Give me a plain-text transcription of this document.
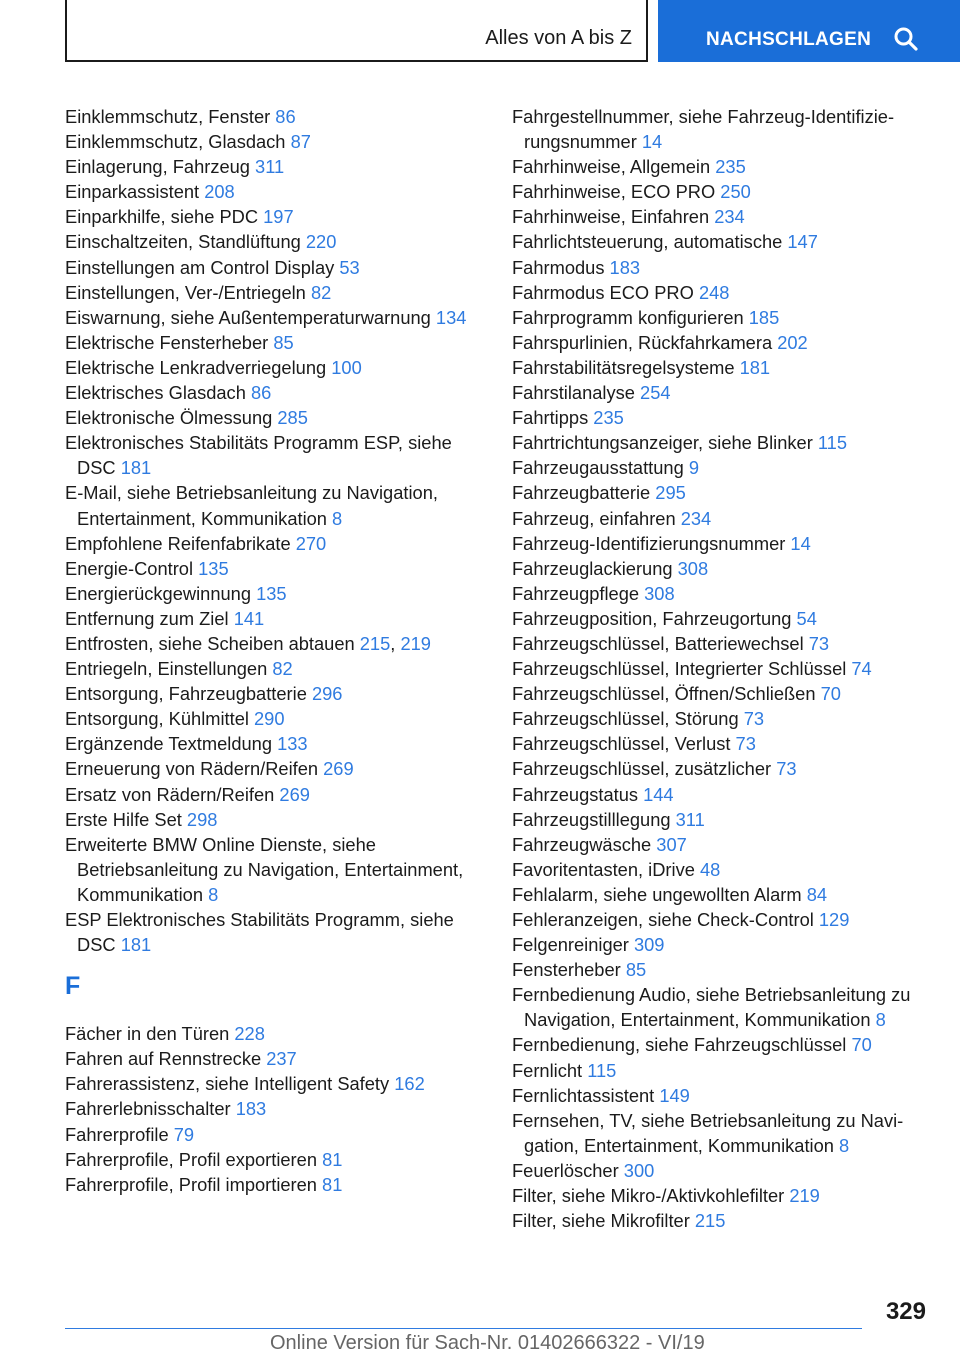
Alles von A bis Z	NACHSCHLAGEN
Einklemmschutz, Fenster 86
Einklemmschutz, Glasdach 87
Einlagerung, Fahrzeug 311
Einparkassistent 208
Einparkhilfe, siehe PDC 197
Einschaltzeiten, Standlüftung 220
Einstellungen am Control Display 53
Einstellungen, Ver-/Entriegeln 82
Eiswarnung, siehe Außentemperaturwarnung 134
Elektrische Fensterheber 85
Elektrische Lenkradverriegelung 100
Elektrisches Glasdach 86
Elektronische Ölmessung 285
Elektronisches Stabilitäts Programm ESP, siehe DSC 181
E-Mail, siehe Betriebsanleitung zu Navigation, Entertainment, Kommunikation 8
Empfohlene Reifenfabrikate 270
Energie-Control 135
Energierückgewinnung 135
Entfernung zum Ziel 141
Entfrosten, siehe Scheiben abtauen 215, 219
Entriegeln, Einstellungen 82
Entsorgung, Fahrzeugbatterie 296
Entsorgung, Kühlmittel 290
Ergänzende Textmeldung 133
Erneuerung von Rädern/Reifen 269
Ersatz von Rädern/Reifen 269
Erste Hilfe Set 298
Erweiterte BMW Online Dienste, siehe Betriebsanleitung zu Navigation, Entertainment, Kommunikation 8
ESP Elektronisches Stabilitäts Programm, siehe DSC 181
F
Fächer in den Türen 228
Fahren auf Rennstrecke 237
Fahrerassistenz, siehe Intelligent Safety 162
Fahrerlebnisschalter 183
Fahrerprofile 79
Fahrerprofile, Profil exportieren 81
Fahrerprofile, Profil importieren 81
Fahrgestellnummer, siehe Fahrzeug-Identifizierungsnummer 14
Fahrhinweise, Allgemein 235
Fahrhinweise, ECO PRO 250
Fahrhinweise, Einfahren 234
Fahrlichtsteuerung, automatische 147
Fahrmodus 183
Fahrmodus ECO PRO 248
Fahrprogramm konfigurieren 185
Fahrspurlinien, Rückfahrkamera 202
Fahrstabilitätsregelsysteme 181
Fahrstilanalyse 254
Fahrtipps 235
Fahrtrichtungsanzeiger, siehe Blinker 115
Fahrzeugausstattung 9
Fahrzeugbatterie 295
Fahrzeug, einfahren 234
Fahrzeug-Identifizierungsnummer 14
Fahrzeuglackierung 308
Fahrzeugpflege 308
Fahrzeugposition, Fahrzeugortung 54
Fahrzeugschlüssel, Batteriewechsel 73
Fahrzeugschlüssel, Integrierter Schlüssel 74
Fahrzeugschlüssel, Öffnen/Schließen 70
Fahrzeugschlüssel, Störung 73
Fahrzeugschlüssel, Verlust 73
Fahrzeugschlüssel, zusätzlicher 73
Fahrzeugstatus 144
Fahrzeugstilllegung 311
Fahrzeugwäsche 307
Favoritentasten, iDrive 48
Fehlalarm, siehe ungewollten Alarm 84
Fehleranzeigen, siehe Check-Control 129
Felgenreiniger 309
Fensterheber 85
Fernbedienung Audio, siehe Betriebsanleitung zu Navigation, Entertainment, Kommunikation 8
Fernbedienung, siehe Fahrzeugschlüssel 70
Fernlicht 115
Fernlichtassistent 149
Fernsehen, TV, siehe Betriebsanleitung zu Navigation, Entertainment, Kommunikation 8
Feuerlöscher 300
Filter, siehe Mikro-/Aktivkohlefilter 219
Filter, siehe Mikrofilter 215
329
Online Version für Sach-Nr. 01402666322 - VI/19
